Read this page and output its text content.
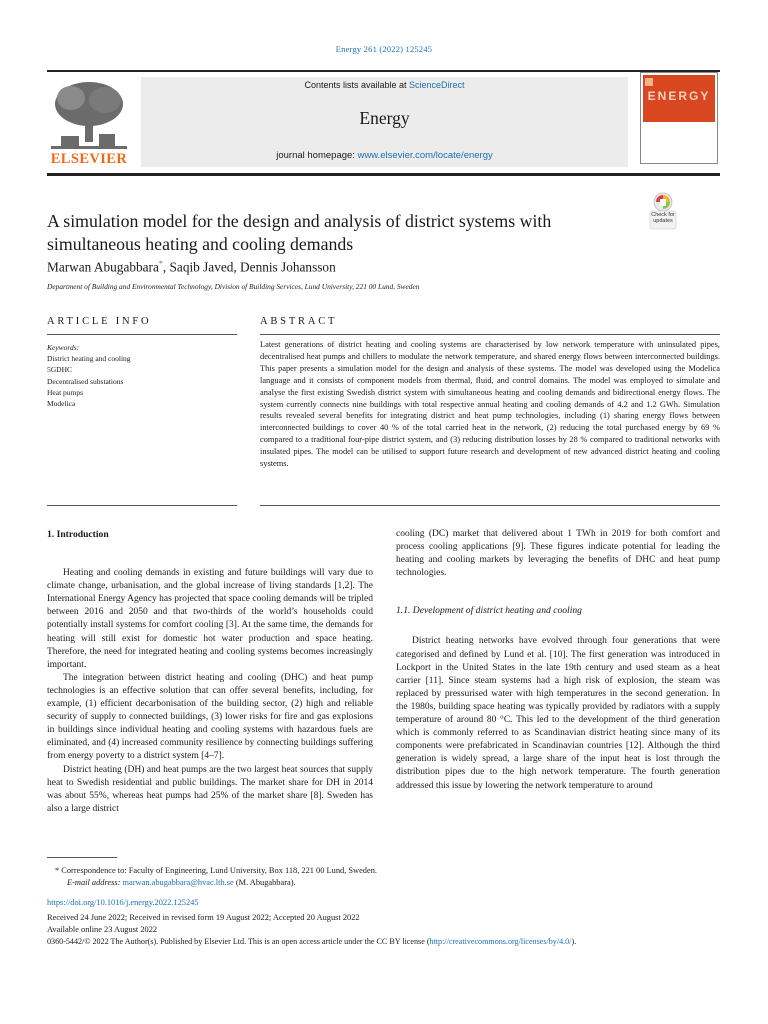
Energy 261 (2022) 125245
ELSEVIER
Contents lists available at ScienceDirect
Energy
journal homepage: www.elsevier.com/locate/energy
ENERGY
Check for updates
A simulation model for the design and analysis of district systems with simultaneous heating and cooling demands
Marwan Abugabbara*, Saqib Javed, Dennis Johansson
Department of Building and Environmental Technology, Division of Building Services, Lund University, 221 00 Lund, Sweden
ARTICLE INFO	ABSTRACT
Keywords:
District heating and cooling
5GDHC
Decentralised substations
Heat pumps
Modelica
Latest generations of district heating and cooling systems are characterised by low network temperature with uninsulated pipes, decentralised heat pumps and chillers to modulate the network temperature, and shared energy flows between interconnected buildings. This paper presents a simulation model for the design and analysis of these systems. The model was developed using the Modelica language and it consists of component models from thermal, fluid, and control domains. The model was employed to simulate and analyse the first existing Swedish district system with simultaneous heating and cooling demands and bidirectional energy flows. The system currently connects nine buildings with total respective annual heating and cooling demands of 4.2 and 1.2 GWh. Simulation results revealed several benefits for integrating district and heat pump technologies, including (1) sharing energy flows between interconnected buildings to cover 40 % of the total carried heat in the network, (2) reducing the total purchased energy by 69 % compared to a traditional four-pipe district system, and (3) reducing distribution losses by 28 % compared to traditional networks with insulated pipes. The model can be utilised to support future research and development of new advanced district heating and cooling systems.
1. Introduction

Heating and cooling demands in existing and future buildings will vary due to climate change, urbanisation, and the global increase of living standards [1,2]. The International Energy Agency has projected that space cooling demands will be tripled between 2016 and 2050 and that two-thirds of the world’s households could potentially install systems for comfort cooling [3]. At the same time, the demands for heating will still exist for domestic hot water production and space heating. Therefore, the need for integrated heating and cooling systems becomes increasingly important.

The integration between district heating and cooling (DHC) and heat pump technologies is an effective solution that can offer several benefits, including, for example, (1) efficient decarbonisation of the building sector, (2) high and reliable security of supply to connected buildings, (3) lower risks for fire and gas explosions in buildings since individual heating and cooling systems with hazardous fuels are eliminated, and (4) increased community resilience by connecting buildings suffering from energy poverty to a district system [4–7].

District heating (DH) and heat pumps are the two largest heat sources that supply heat to Swedish residential and public buildings. The market share for DH in 2014 was about 55%, whereas heat pumps had 25% of the market share [8]. Sweden has also a large district

cooling (DC) market that delivered about 1 TWh in 2019 for both comfort and process cooling applications [9]. These figures indicate potential for leading the heating and cooling markets by leveraging the benefits of DHC and heat pump technologies.

1.1. Development of district heating and cooling

District heating networks have evolved through four generations that were categorised and defined by Lund et al. [10]. The first generation was introduced in Lockport in the United States in the late 19th century and used steam as a heat carrier [11]. Since steam systems had a high risk of explosion, the steam was replaced by pressurised water with high temperatures in the second generation. In the 1980s, building space heating was typically provided by radiators with a supply temperature of around 80 °C. This led to the development of the third generation which is commonly referred to as Scandinavian district heating since many of its components were prefabricated in Scandinavian countries [12]. Although the third generation is widely spread, a large share of the input heat is lost through the distribution pipes due to the high network temperature. The fourth generation addressed this issue by lowering the network temperature to around

* Correspondence to: Faculty of Engineering, Lund University, Box 118, 221 00 Lund, Sweden.
E-mail address: marwan.abugabbara@hvac.lth.se (M. Abugabbara).
https://doi.org/10.1016/j.energy.2022.125245
Received 24 June 2022; Received in revised form 19 August 2022; Accepted 20 August 2022
Available online 23 August 2022
0360-5442/© 2022 The Author(s). Published by Elsevier Ltd. This is an open access article under the CC BY license (http://creativecommons.org/licenses/by/4.0/).
